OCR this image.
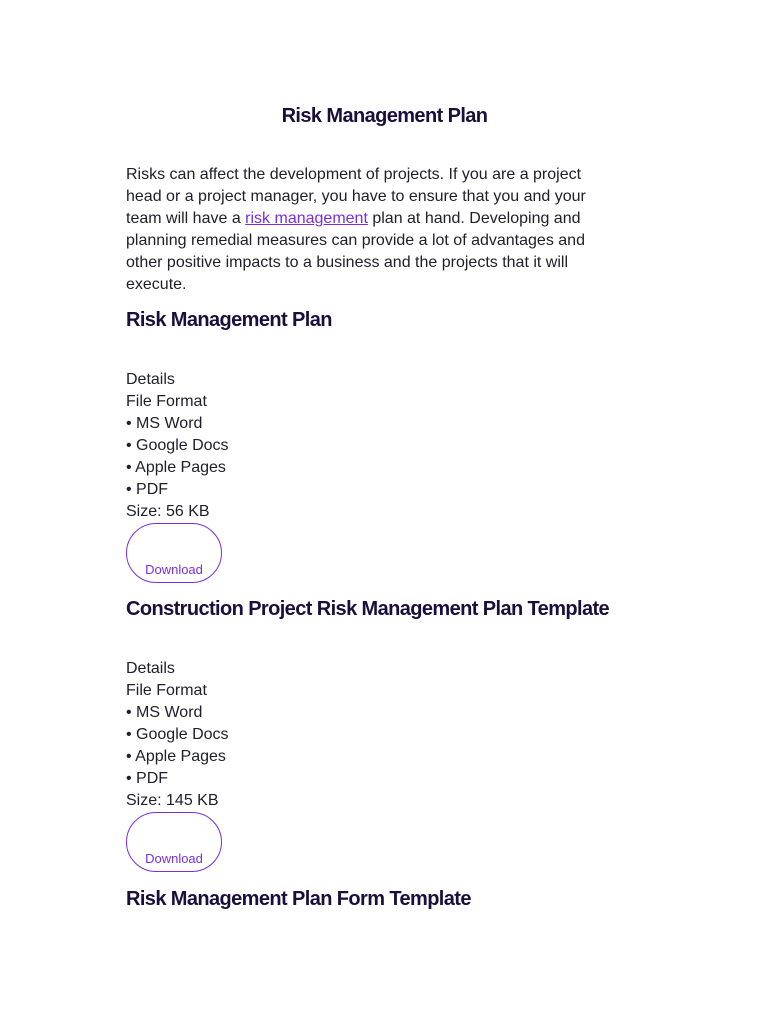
Risk Management Plan

Risks can affect the development of projects. If you are a project head or a project manager, you have to ensure that you and your team will have a risk management plan at hand. Developing and planning remedial measures can provide a lot of advantages and other positive impacts to a business and the projects that it will execute.

Risk Management Plan
Details
File Format
• MS Word
• Google Docs
• Apple Pages
• PDF
Size: 56 KB
Download
Construction Project Risk Management Plan Template
Details
File Format
• MS Word
• Google Docs
• Apple Pages
• PDF
Size: 145 KB
Download
Risk Management Plan Form Template
